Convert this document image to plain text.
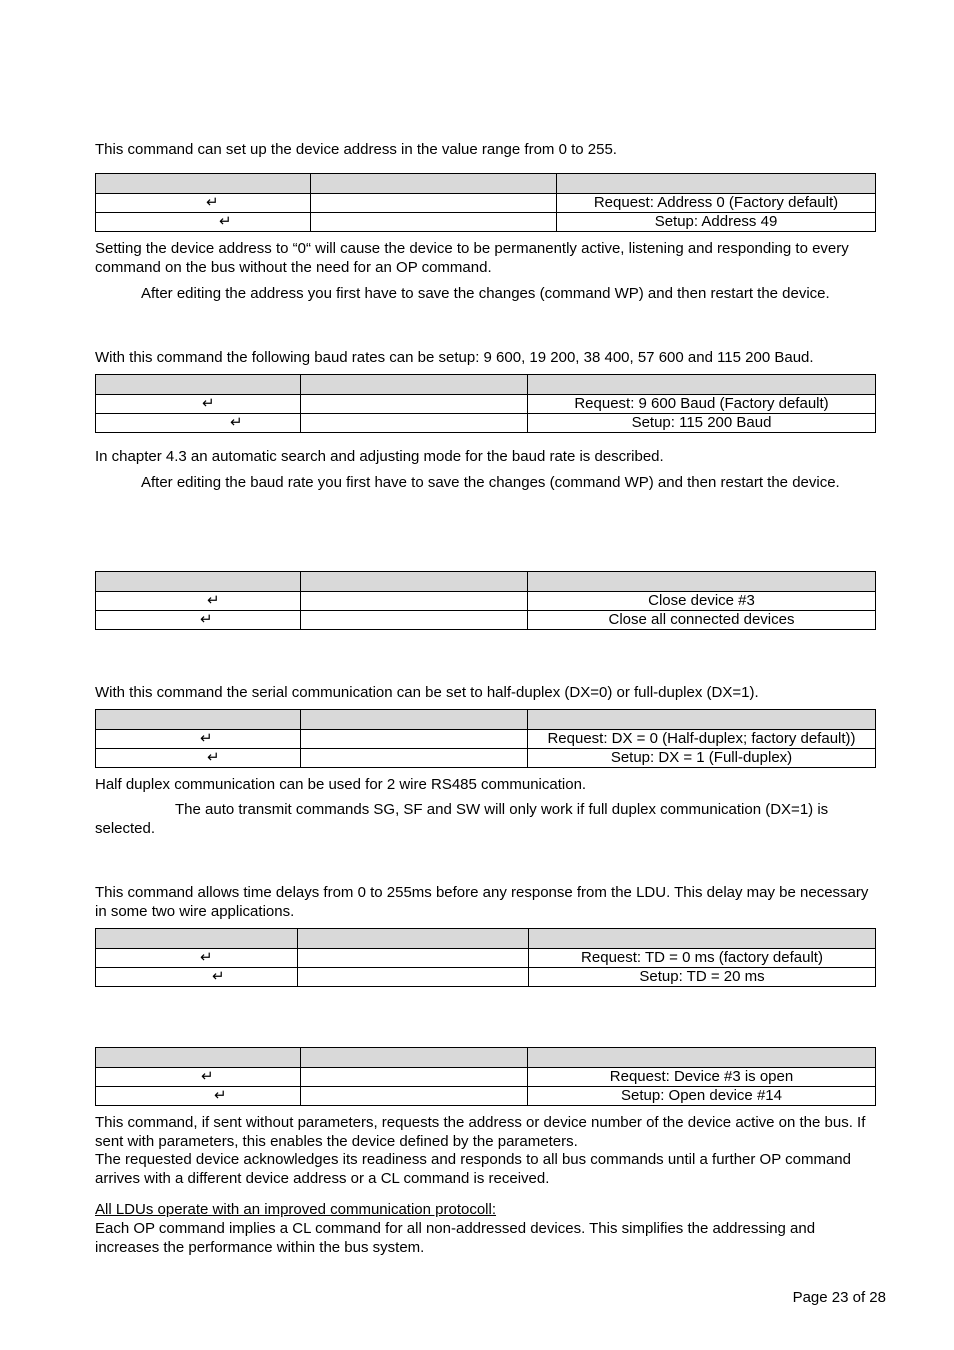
This command can set up the device address in the value range from 0 to 255.

↵		Request: Address 0 (Factory default)
↵		Setup: Address 49

Setting the device address to “0“ will cause the device to be permanently active, listening and responding to every command on the bus without the need for an OP command.

After editing the address you first have to save the changes (command WP) and then restart the device.

With this command the following baud rates can be setup: 9 600, 19 200, 38 400, 57 600 and 115 200 Baud.

↵		Request: 9 600 Baud (Factory default)
↵		Setup: 115 200 Baud

In chapter 4.3 an automatic search and adjusting mode for the baud rate is described.

After editing the baud rate you first have to save the changes (command WP) and then restart the device.

↵		Close device #3
↵		Close all connected devices

With this command the serial communication can be set to half-duplex (DX=0) or full-duplex (DX=1).

↵		Request: DX = 0 (Half-duplex; factory default))
↵		Setup: DX = 1 (Full-duplex)

Half duplex communication can be used for 2 wire RS485 communication.

The auto transmit commands SG, SF and SW will only work if full duplex communication (DX=1) is selected.

This command allows time delays from 0 to 255ms before any response from the LDU. This delay may be necessary in some two wire applications.

↵		Request: TD = 0 ms (factory default)
↵		Setup: TD = 20 ms

↵		Request: Device #3 is open
↵		Setup: Open device #14

This command, if sent without parameters, requests the address or device number of the device active on the bus. If sent with parameters, this enables the device defined by the parameters.

The requested device acknowledges its readiness and responds to all bus commands until a further OP command arrives with a different device address or a CL command is received.

All LDUs operate with an improved communication protocoll:

Each OP command implies a CL command for all non-addressed devices. This simplifies the addressing and increases the performance within the bus system.

Page 23 of 28
